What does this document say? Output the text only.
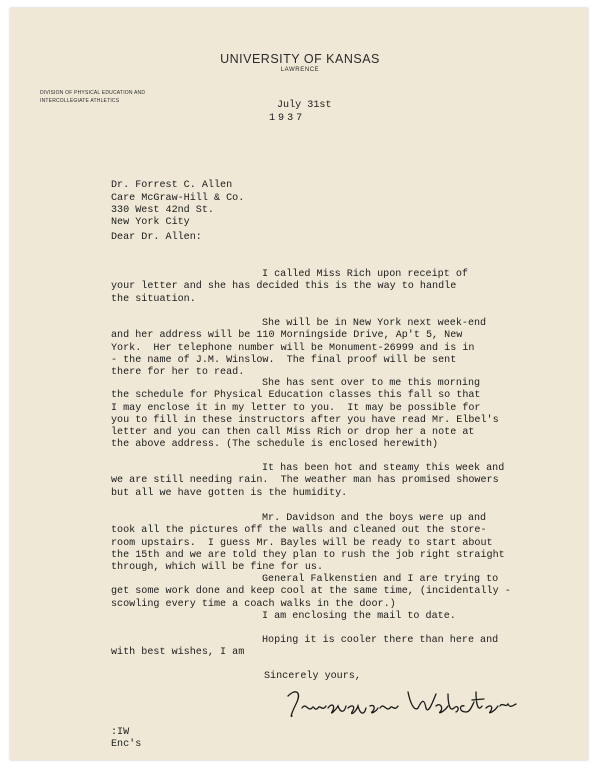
UNIVERSITY OF KANSAS
LAWRENCE
DIVISION OF PHYSICAL EDUCATION AND
INTERCOLLEGIATE ATHLETICS	July 31st
1937

Dr. Forrest C. Allen
Care McGraw-Hill & Co.
330 West 42nd St.
New York City

Dear Dr. Allen:
I called Miss Rich upon receipt of
your letter and she has decided this is the way to handle
the situation.
She will be in New York next week-end
and her address will be 110 Morningside Drive, Ap't 5, New
York.  Her telephone number will be Monument-26999 and is in
- the name of J.M. Winslow.  The final proof will be sent
there for her to read.
She has sent over to me this morning
the schedule for Physical Education classes this fall so that
I may enclose it in my letter to you.  It may be possible for
you to fill in these instructors after you have read Mr. Elbel's
letter and you can then call Miss Rich or drop her a note at
the above address. (The schedule is enclosed herewith)
It has been hot and steamy this week and
we are still needing rain.  The weather man has promised showers
but all we have gotten is the humidity.
Mr. Davidson and the boys were up and
took all the pictures off the walls and cleaned out the store-
room upstairs.  I guess Mr. Bayles will be ready to start about
the 15th and we are told they plan to rush the job right straight
through, which will be fine for us.
General Falkenstien and I are trying to
get some work done and keep cool at the same time, (incidentally -
scowling every time a coach walks in the door.)
I am enclosing the mail to date.
Hoping it is cooler there than here and
with best wishes, I am
Sincerely yours,
:IW
Enc's
